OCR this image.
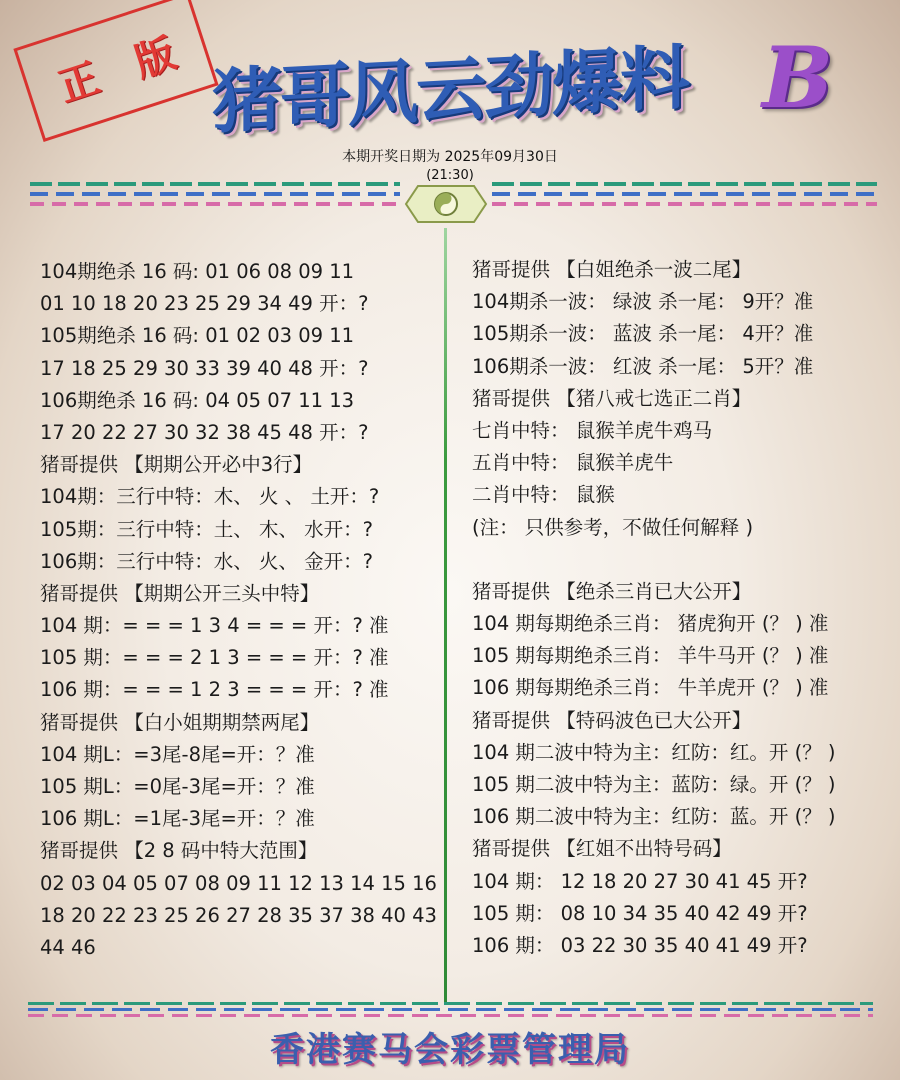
正 版 猪哥风云劲爆料 B
本期开奖日期为 2025年09月30日
(21:30)
104期绝杀 16 码: 01 06 08 09 11
01 10 18 20 23 25 29 34 49 开：?
105期绝杀 16 码: 01 02 03 09 11
17 18 25 29 30 33 39 40 48 开：?
106期绝杀 16 码: 04 05 07 11 13
17 20 22 27 30 32 38 45 48 开：?
猪哥提供 【期期公开必中3行】
104期：三行中特：木、 火 、 土开：?
105期：三行中特：土、 木、 水开：?
106期：三行中特：水、 火、 金开：?
猪哥提供 【期期公开三头中特】
104 期：= = = 1 3 4 = = = 开：? 准
105 期：= = = 2 1 3 = = = 开：? 准
106 期：= = = 1 2 3 = = = 开：? 准
猪哥提供 【白小姐期期禁两尾】
104 期L：=3尾-8尾=开：？准
105 期L：=0尾-3尾=开：？准
106 期L：=1尾-3尾=开：？准
猪哥提供 【2 8 码中特大范围】
02 03 04 05 07 08 09 11 12 13 14 15 16
18 20 22 23 25 26 27 28 35 37 38 40 43
44 46
猪哥提供 【白姐绝杀一波二尾】
104期杀一波： 绿波 杀一尾： 9开？准
105期杀一波： 蓝波 杀一尾： 4开？准
106期杀一波： 红波 杀一尾： 5开？准
猪哥提供 【猪八戒七选正二肖】
七肖中特： 鼠猴羊虎牛鸡马
五肖中特： 鼠猴羊虎牛
二肖中特： 鼠猴
(注： 只供参考，不做任何解释 )
猪哥提供 【绝杀三肖已大公开】
104 期每期绝杀三肖： 猪虎狗开 (？ ) 准
105 期每期绝杀三肖： 羊牛马开 (？ ) 准
106 期每期绝杀三肖： 牛羊虎开 (？ ) 准
猪哥提供 【特码波色已大公开】
104 期二波中特为主：红防：红。开 (？ )
105 期二波中特为主：蓝防：绿。开 (？ )
106 期二波中特为主：红防：蓝。开 (？ )
猪哥提供 【红姐不出特号码】
104 期： 12 18 20 27 30 41 45 开?
105 期： 08 10 34 35 40 42 49 开?
106 期： 03 22 30 35 40 41 49 开?
香港赛马会彩票管理局
